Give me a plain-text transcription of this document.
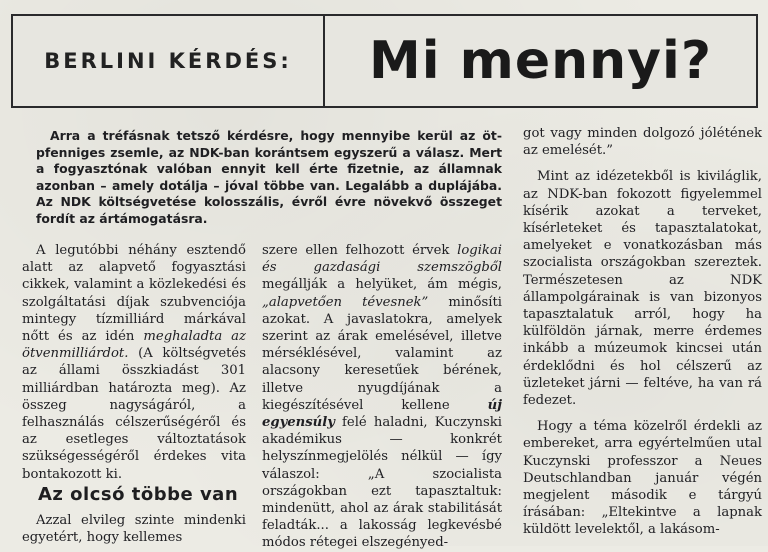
BERLINI KÉRDÉS:	Mi mennyi?

Arra a tréfásnak tetsző kérdésre, hogy mennyibe kerül az öt-pfenniges zsemle, az NDK-ban korántsem egyszerű a válasz. Mert a fogyasztónak valóban ennyit kell érte fizetnie, az államnak azonban – amely dotálja – jóval többe van. Legalább a duplájába. Az NDK költségvetése kolosszális, évről évre növekvő összeget fordít az ártámogatásra.

A legutóbbi néhány esztendő alatt az alapvető fogyasztási cikkek, valamint a közlekedési és szolgáltatási díjak szubvenciója mintegy tízmilliárd márkával nőtt és az idén meghaladta az ötvenmilliárdot. (A költségvetés az állami összkiadást 301 milliárdban határozta meg). Az összeg nagyságáról, a felhasználás célszerűségéről és az esetleges változtatások szükségességéről érdekes vita bontakozott ki.

Az olcsó többe van

Azzal elvileg szinte mindenki egyetért, hogy kellemes

szere ellen felhozott érvek logikai és gazdasági szemszögből megállják a helyüket, ám mégis, „alapvetően tévesnek” minősíti azokat. A javaslatokra, amelyek szerint az árak emelésével, illetve mérséklésével, valamint az alacsony keresetűek bérének, illetve nyugdíjának a kiegészítésével kellene új egyensúly felé haladni, Kuczynski akadémikus — konkrét helyszínmegjelölés nélkül — így válaszol: „A szocialista országokban ezt tapasztaltuk: mindenütt, ahol az árak stabilitását feladták... a lakosság legkevésbé módos rétegei elszegényed-

got vagy minden dolgozó jólétének az emelését.”

Mint az idézetekből is kiviláglik, az NDK-ban fokozott figyelemmel kísérik azokat a terveket, kísérleteket és tapasztalatokat, amelyeket e vonatkozásban más szocialista országokban szereztek. Természetesen az NDK állampolgárainak is van bizonyos tapasztalatuk arról, hogy ha külföldön járnak, merre érdemes inkább a múzeumok kincsei után érdeklődni és hol célszerű az üzleteket járni — feltéve, ha van rá fedezet.

Hogy a téma közelről érdekli az embereket, arra egyértelműen utal Kuczynski professzor a Neues Deutschlandban január végén megjelent második e tárgyú írásában: „Eltekintve a lapnak küldött levelektől, a lakásom-
